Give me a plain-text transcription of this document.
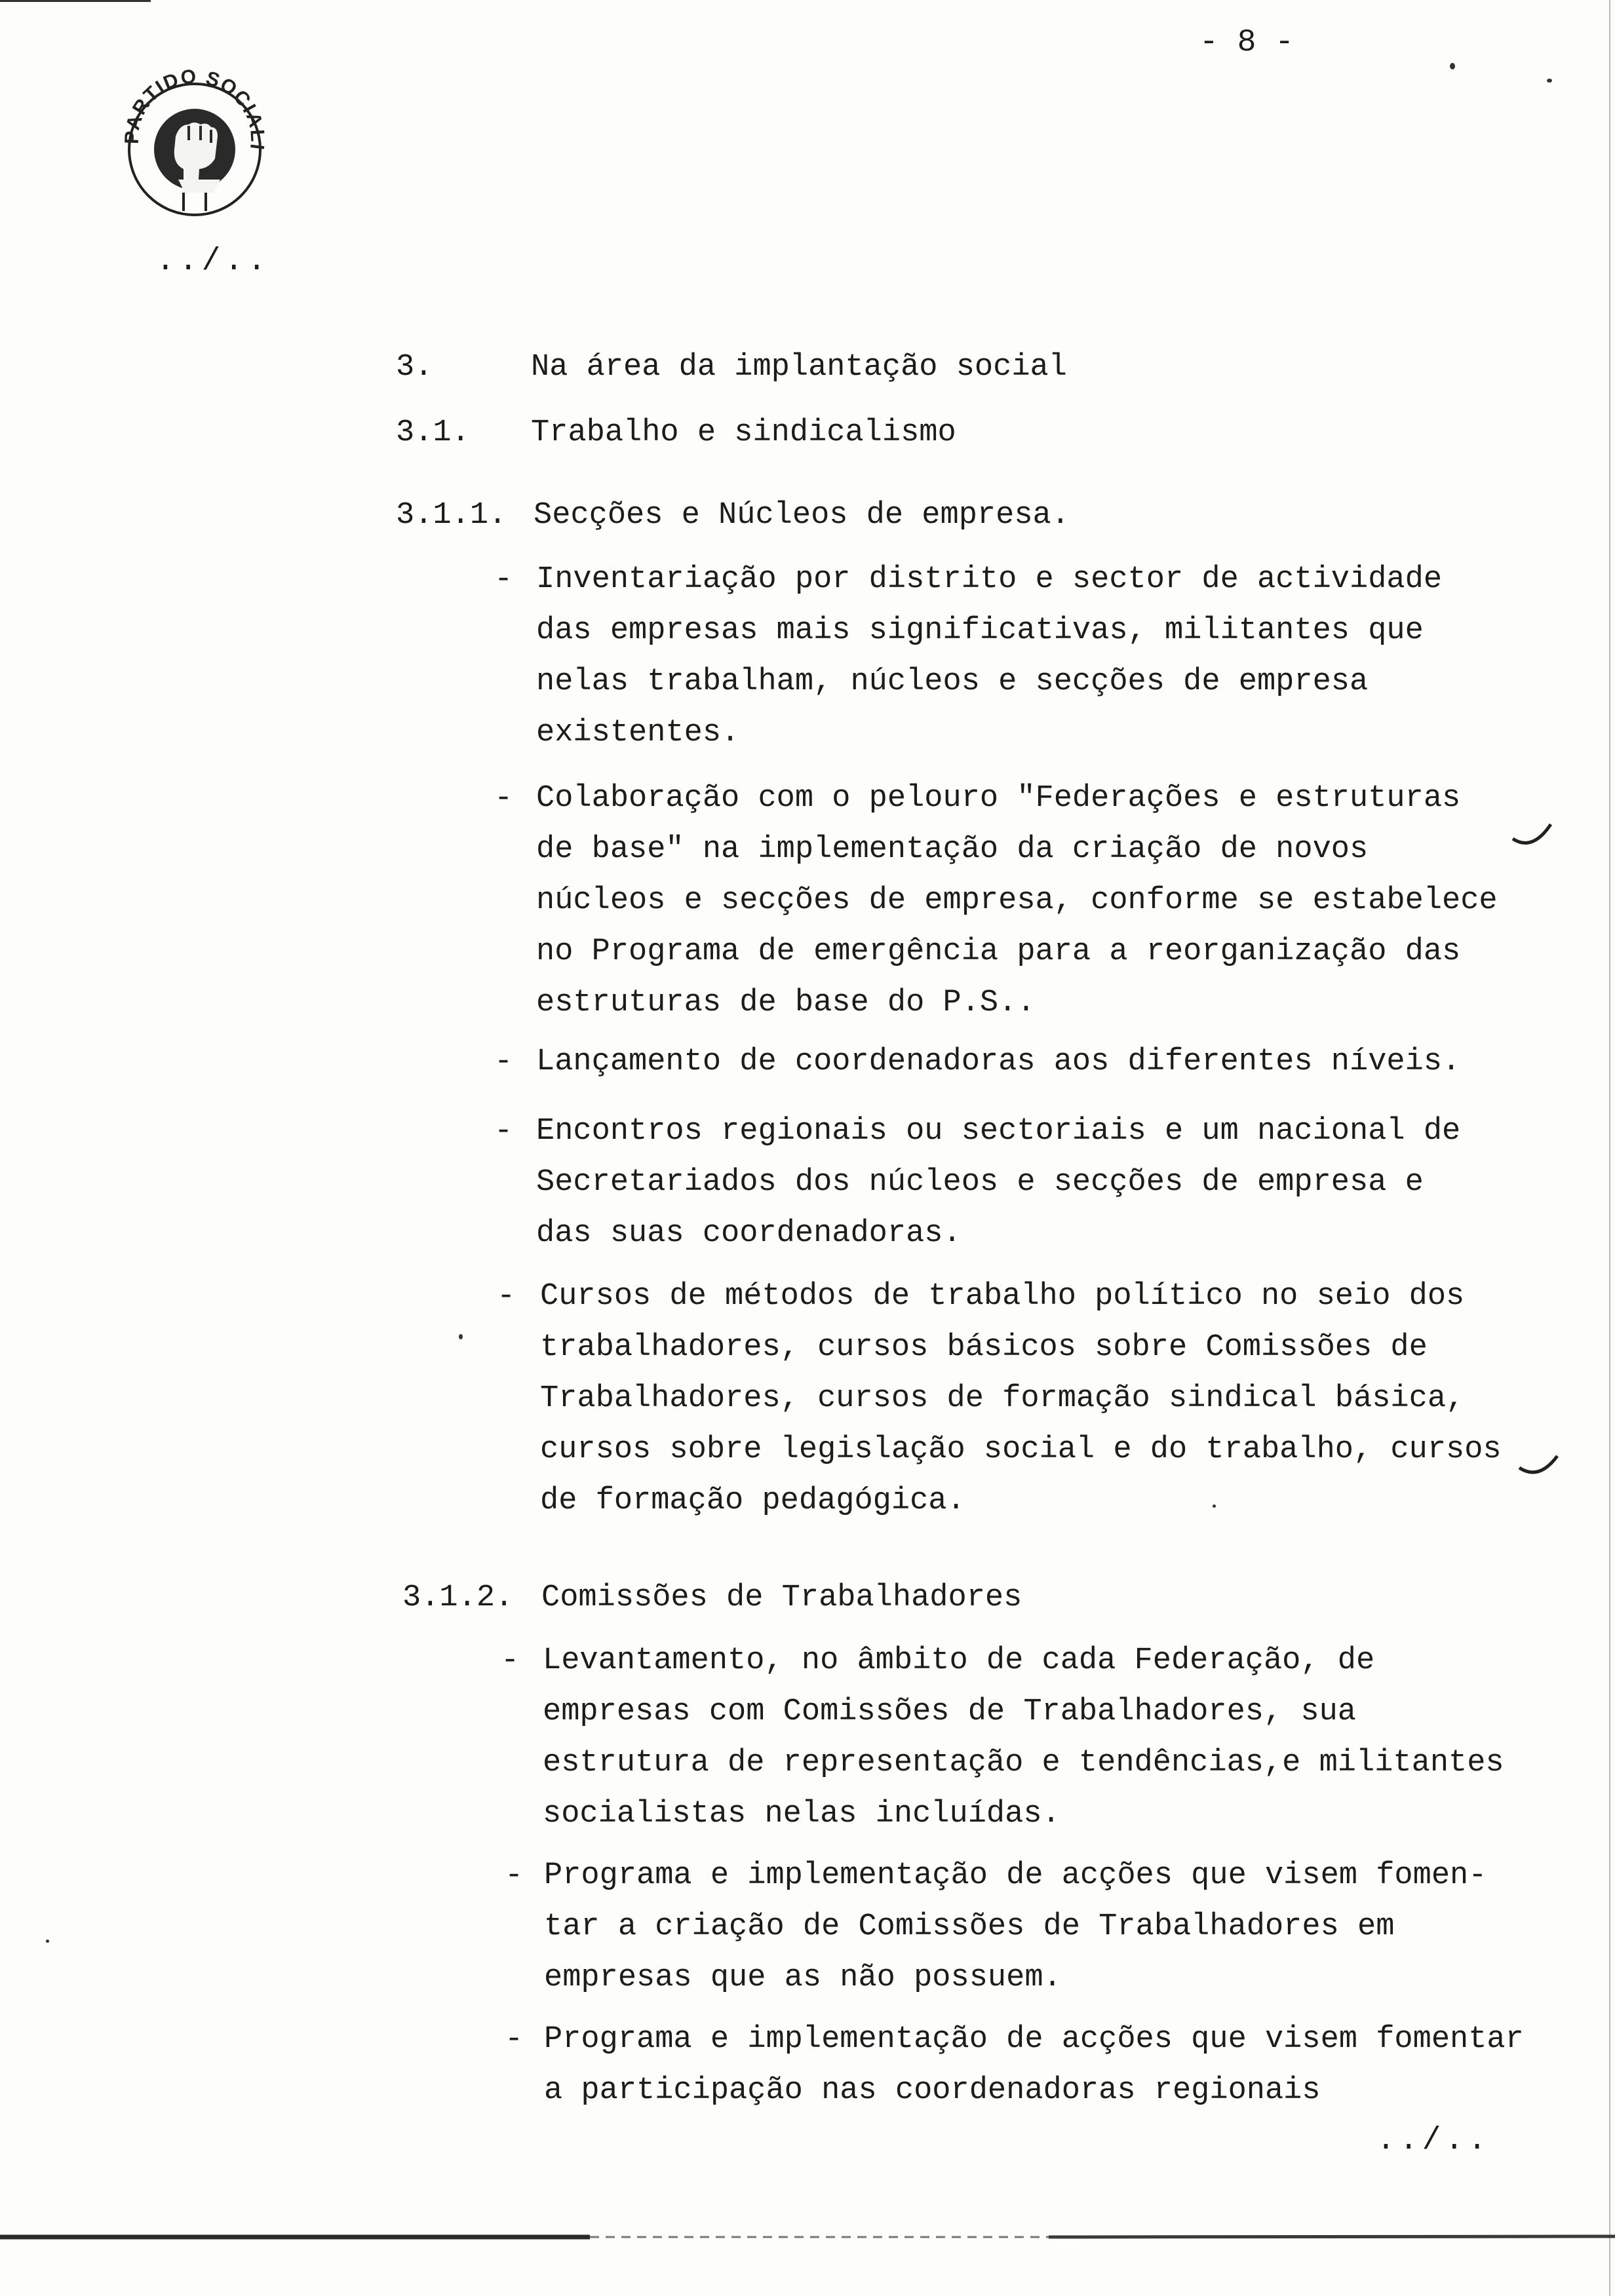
PARTIDO SOCIALI
- 8 -
../..
3.	Na área da implantação social
3.1. Trabalho e sindicalismo
3.1.1. Secções e Núcleos de empresa.
- Inventariação por distrito e sector de actividade
das empresas mais significativas, militantes que
nelas trabalham, núcleos e secções de empresa
existentes.
- Colaboração com o pelouro "Federações e estruturas
de base" na implementação da criação de novos
núcleos e secções de empresa, conforme se estabelece
no Programa de emergência para a reorganização das
estruturas de base do P.S..
- Lançamento de coordenadoras aos diferentes níveis.
- Encontros regionais ou sectoriais e um nacional de
Secretariados dos núcleos e secções de empresa e
das suas coordenadoras.
- Cursos de métodos de trabalho político no seio dos
trabalhadores, cursos básicos sobre Comissões de
Trabalhadores, cursos de formação sindical básica,
cursos sobre legislação social e do trabalho, cursos
de formação pedagógica.
3.1.2. Comissões de Trabalhadores
- Levantamento, no âmbito de cada Federação, de
empresas com Comissões de Trabalhadores, sua
estrutura de representação e tendências,e militantes
socialistas nelas incluídas.
- Programa e implementação de acções que visem fomen-
tar a criação de Comissões de Trabalhadores em
empresas que as não possuem.
- Programa e implementação de acções que visem fomentar
a participação nas coordenadoras regionais
../..
